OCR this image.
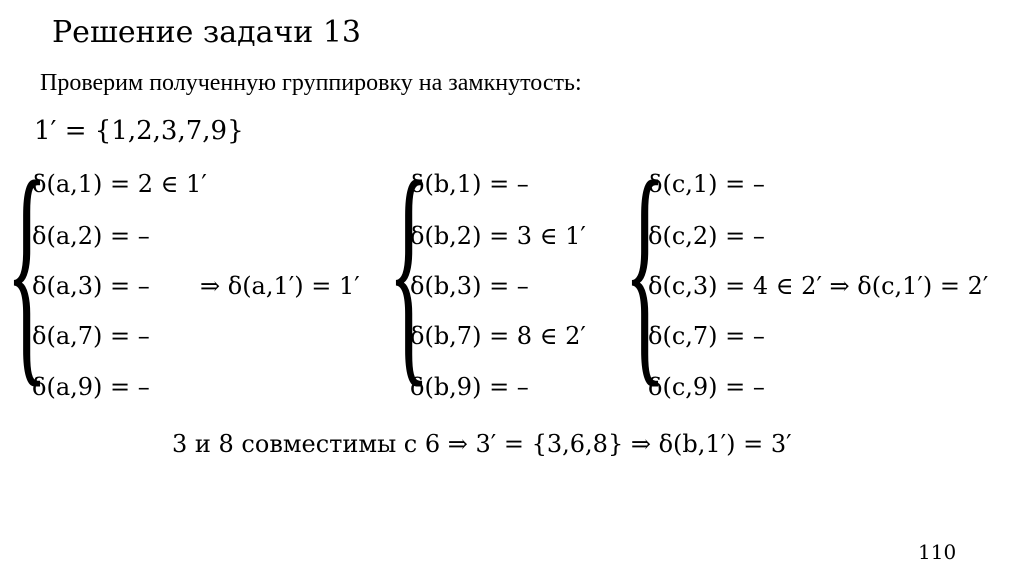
Решение задачи 13
Проверим полученную группировку на замкнутость:
1′ = {1,2,3,7,9}
{
δ(a,1) = 2 ∈ 1′
δ(a,2) = –
δ(a,3) = –
δ(a,7) = –
δ(a,9) = –
⇒ δ(a,1′) = 1′ {
δ(b,1) = –
δ(b,2) = 3 ∈ 1′
δ(b,3) = –
δ(b,7) = 8 ∈ 2′
δ(b,9) = – {
δ(c,1) = –
δ(c,2) = –
δ(c,3) = 4 ∈ 2′ ⇒ δ(c,1′) = 2′
δ(c,7) = –
δ(c,9) = –
3 и 8 совместимы с 6 ⇒ 3′ = {3,6,8} ⇒ δ(b,1′) = 3′
110
